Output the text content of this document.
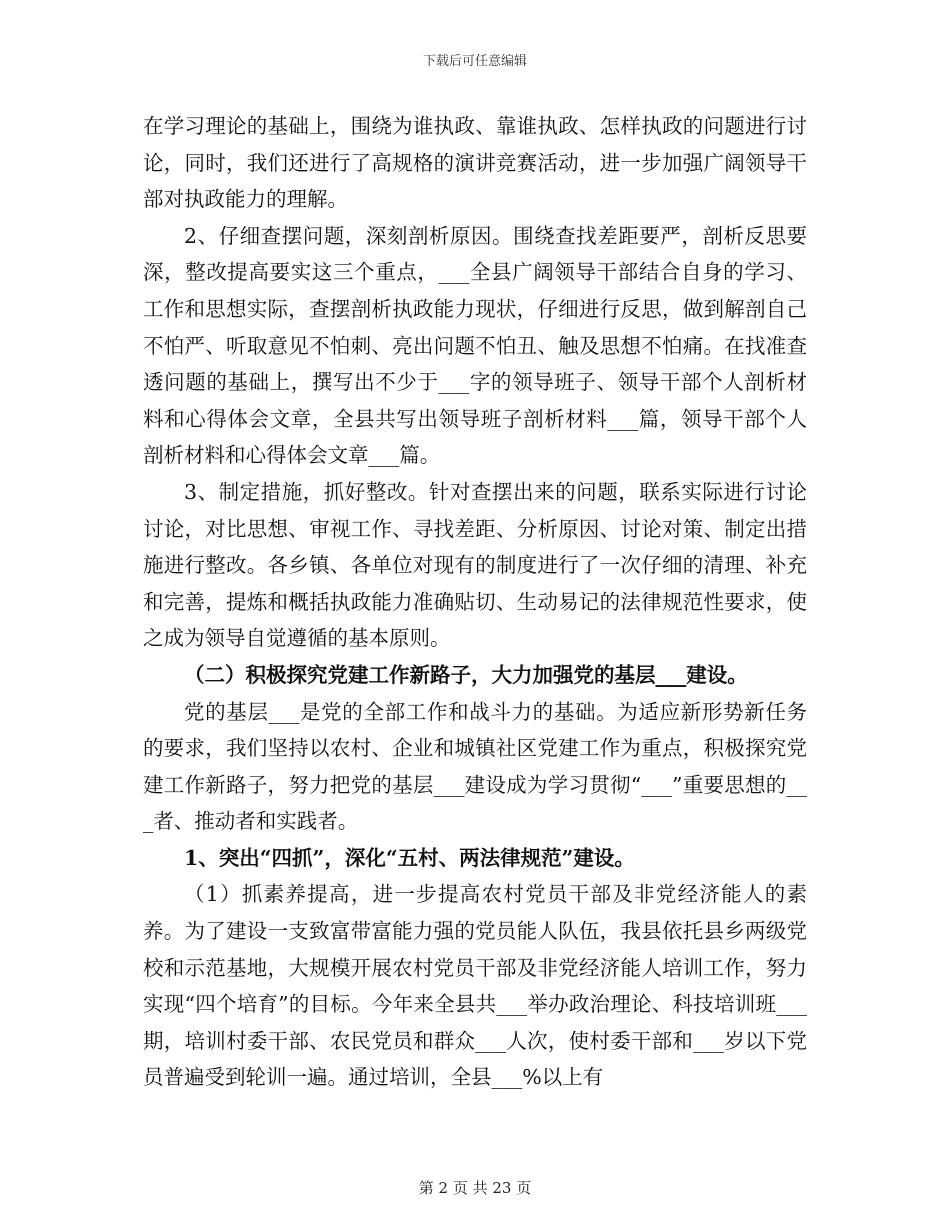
下载后可任意编辑

在学习理论的基础上，围绕为谁执政、靠谁执政、怎样执政的问题进行讨论，同时，我们还进行了高规格的演讲竞赛活动，进一步加强广阔领导干部对执政能力的理解。

2、仔细查摆问题，深刻剖析原因。围绕查找差距要严，剖析反思要深，整改提高要实这三个重点，___全县广阔领导干部结合自身的学习、工作和思想实际，查摆剖析执政能力现状，仔细进行反思，做到解剖自己不怕严、听取意见不怕刺、亮出问题不怕丑、触及思想不怕痛。在找准查透问题的基础上，撰写出不少于___字的领导班子、领导干部个人剖析材料和心得体会文章，全县共写出领导班子剖析材料___篇，领导干部个人剖析材料和心得体会文章___篇。

3、制定措施，抓好整改。针对查摆出来的问题，联系实际进行讨论讨论，对比思想、审视工作、寻找差距、分析原因、讨论对策、制定出措施进行整改。各乡镇、各单位对现有的制度进行了一次仔细的清理、补充和完善，提炼和概括执政能力准确贴切、生动易记的法律规范性要求，使之成为领导自觉遵循的基本原则。

（二）积极探究党建工作新路子，大力加强党的基层___建设。

党的基层___是党的全部工作和战斗力的基础。为适应新形势新任务的要求，我们坚持以农村、企业和城镇社区党建工作为重点，积极探究党建工作新路子，努力把党的基层___建设成为学习贯彻“___”重要思想的___者、推动者和实践者。

1、突出“四抓”，深化“五村、两法律规范”建设。

（1）抓素养提高，进一步提高农村党员干部及非党经济能人的素养。为了建设一支致富带富能力强的党员能人队伍，我县依托县乡两级党校和示范基地，大规模开展农村党员干部及非党经济能人培训工作，努力实现“四个培育”的目标。今年来全县共___举办政治理论、科技培训班___期，培训村委干部、农民党员和群众___人次，使村委干部和___岁以下党员普遍受到轮训一遍。通过培训，全县___%以上有

第 2 页 共 23 页
